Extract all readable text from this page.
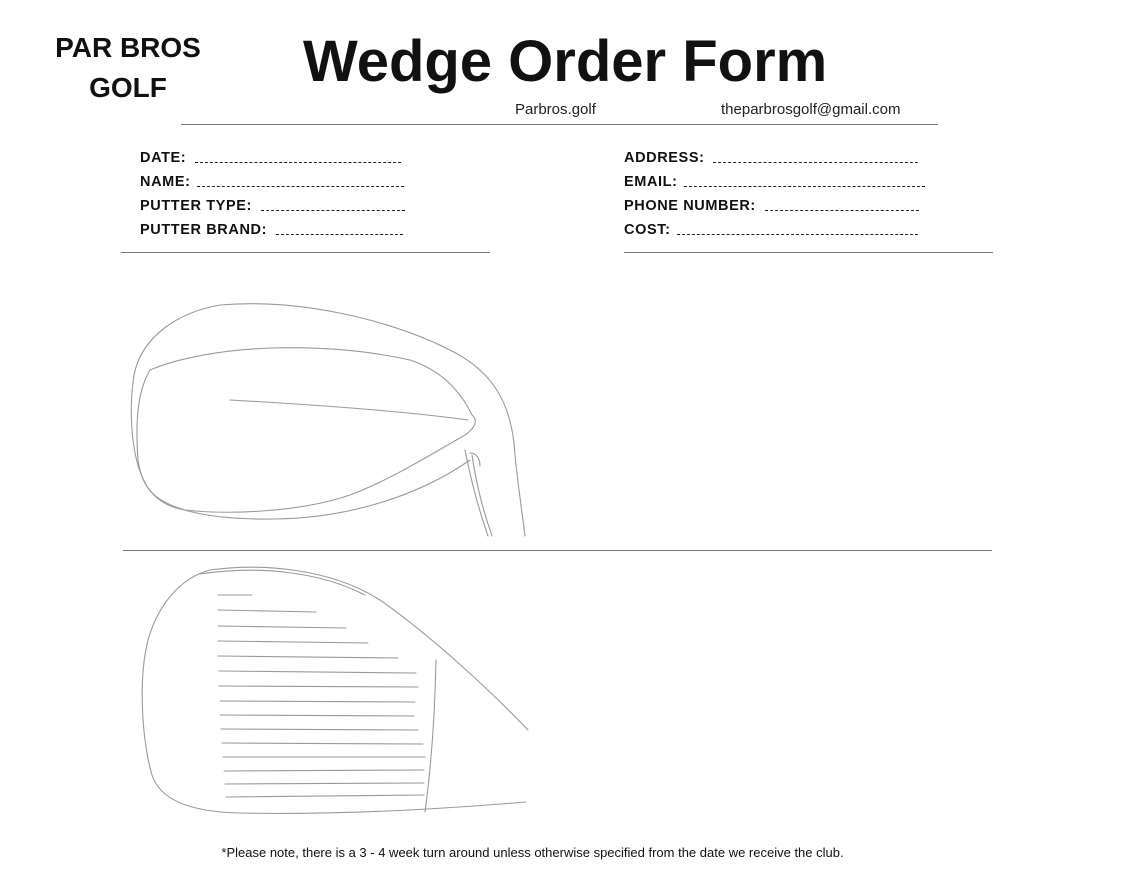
PAR BROS
GOLF	Wedge Order Form
Parbros.golf	theparbrosgolf@gmail.com
DATE:
NAME:
PUTTER TYPE:
PUTTER BRAND:
ADDRESS:
EMAIL:
PHONE NUMBER:
COST:
*Please note, there is a 3 - 4 week turn around unless otherwise specified from the date we receive the club.
